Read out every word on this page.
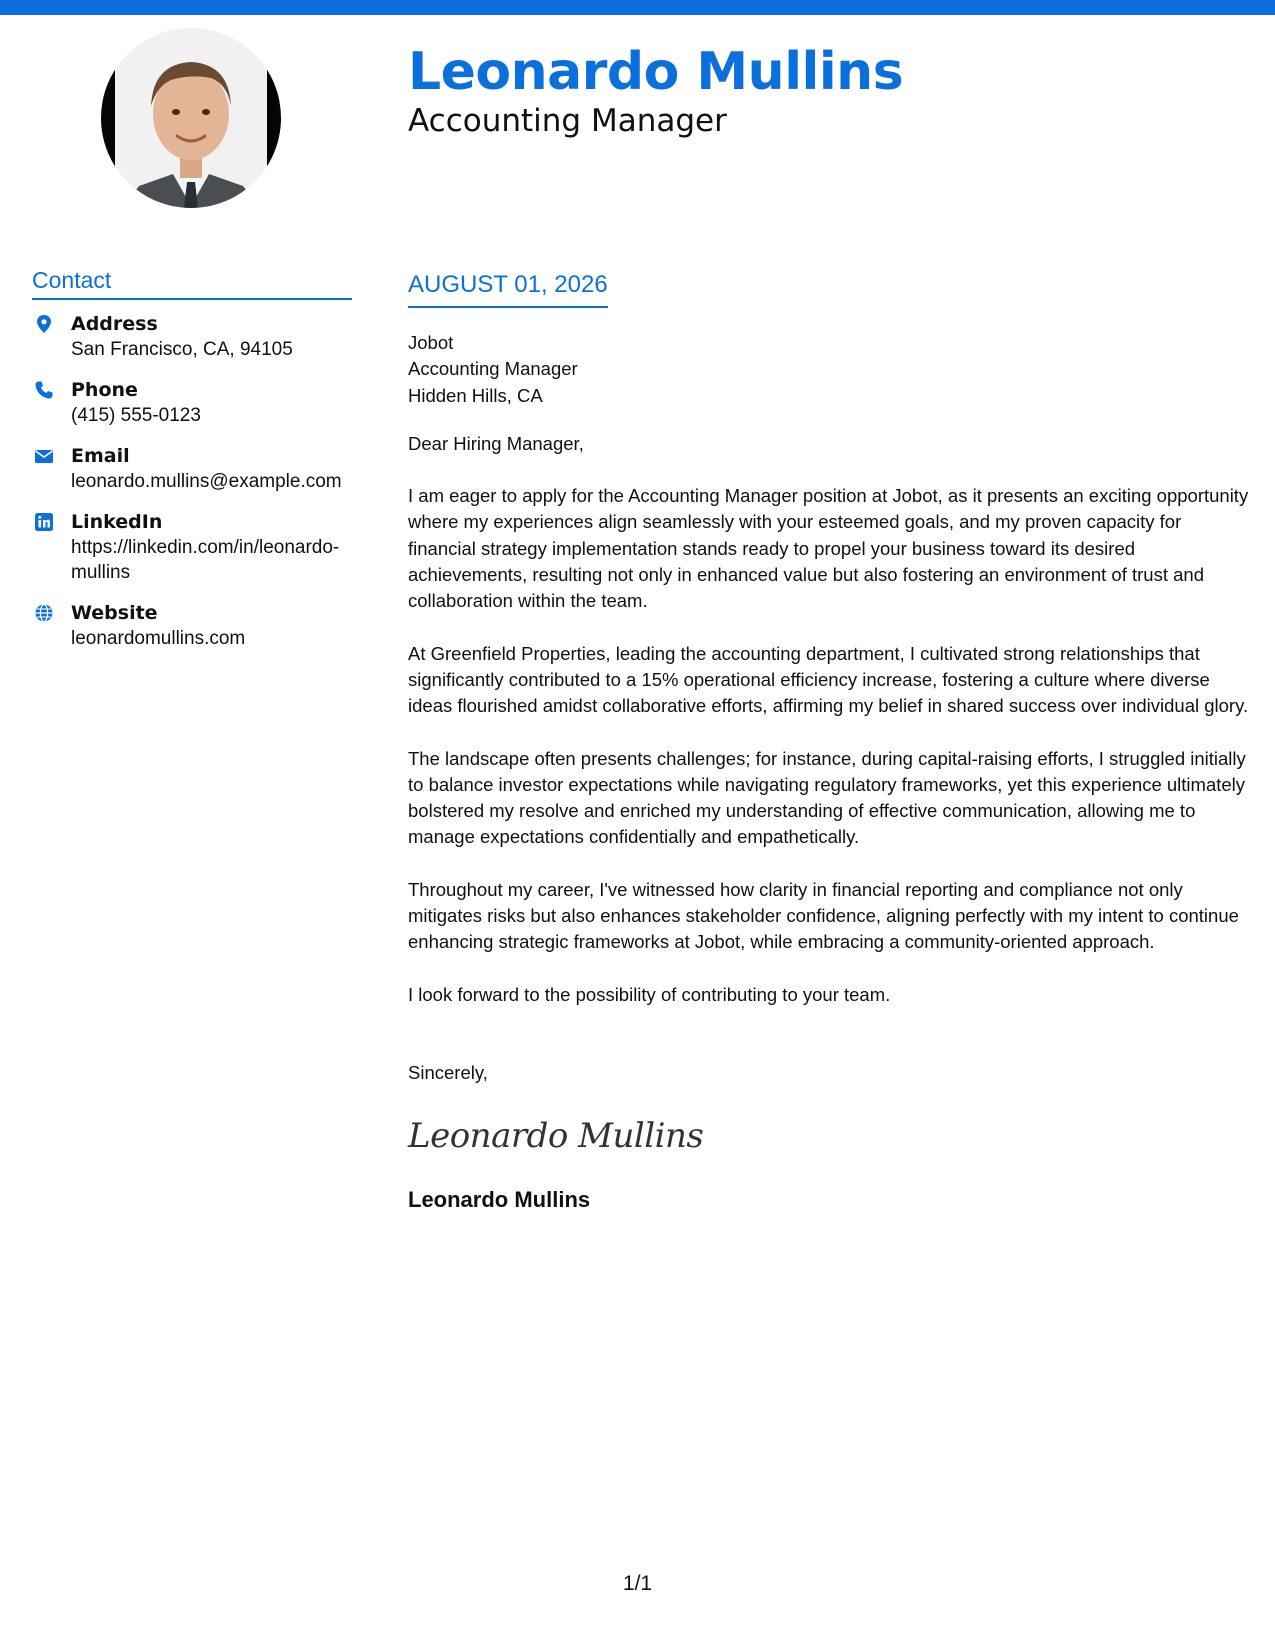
Leonardo Mullins
Accounting Manager
Contact
Address
San Francisco, CA, 94105
Phone
(415) 555-0123
Email
leonardo.mullins@example.com
LinkedIn
https://linkedin.com/in/leonardo-mullins
Website
leonardomullins.com
AUGUST 01, 2026
Jobot
Accounting Manager
Hidden Hills, CA
Dear Hiring Manager,

I am eager to apply for the Accounting Manager position at Jobot, as it presents an exciting opportunity where my experiences align seamlessly with your esteemed goals, and my proven capacity for financial strategy implementation stands ready to propel your business toward its desired achievements, resulting not only in enhanced value but also fostering an environment of trust and collaboration within the team.

At Greenfield Properties, leading the accounting department, I cultivated strong relationships that significantly contributed to a 15% operational efficiency increase, fostering a culture where diverse ideas flourished amidst collaborative efforts, affirming my belief in shared success over individual glory.

The landscape often presents challenges; for instance, during capital-raising efforts, I struggled initially to balance investor expectations while navigating regulatory frameworks, yet this experience ultimately bolstered my resolve and enriched my understanding of effective communication, allowing me to manage expectations confidentially and empathetically.

Throughout my career, I've witnessed how clarity in financial reporting and compliance not only mitigates risks but also enhances stakeholder confidence, aligning perfectly with my intent to continue enhancing strategic frameworks at Jobot, while embracing a community-oriented approach.

I look forward to the possibility of contributing to your team.

Sincerely,
Leonardo Mullins
Leonardo Mullins
1/1
